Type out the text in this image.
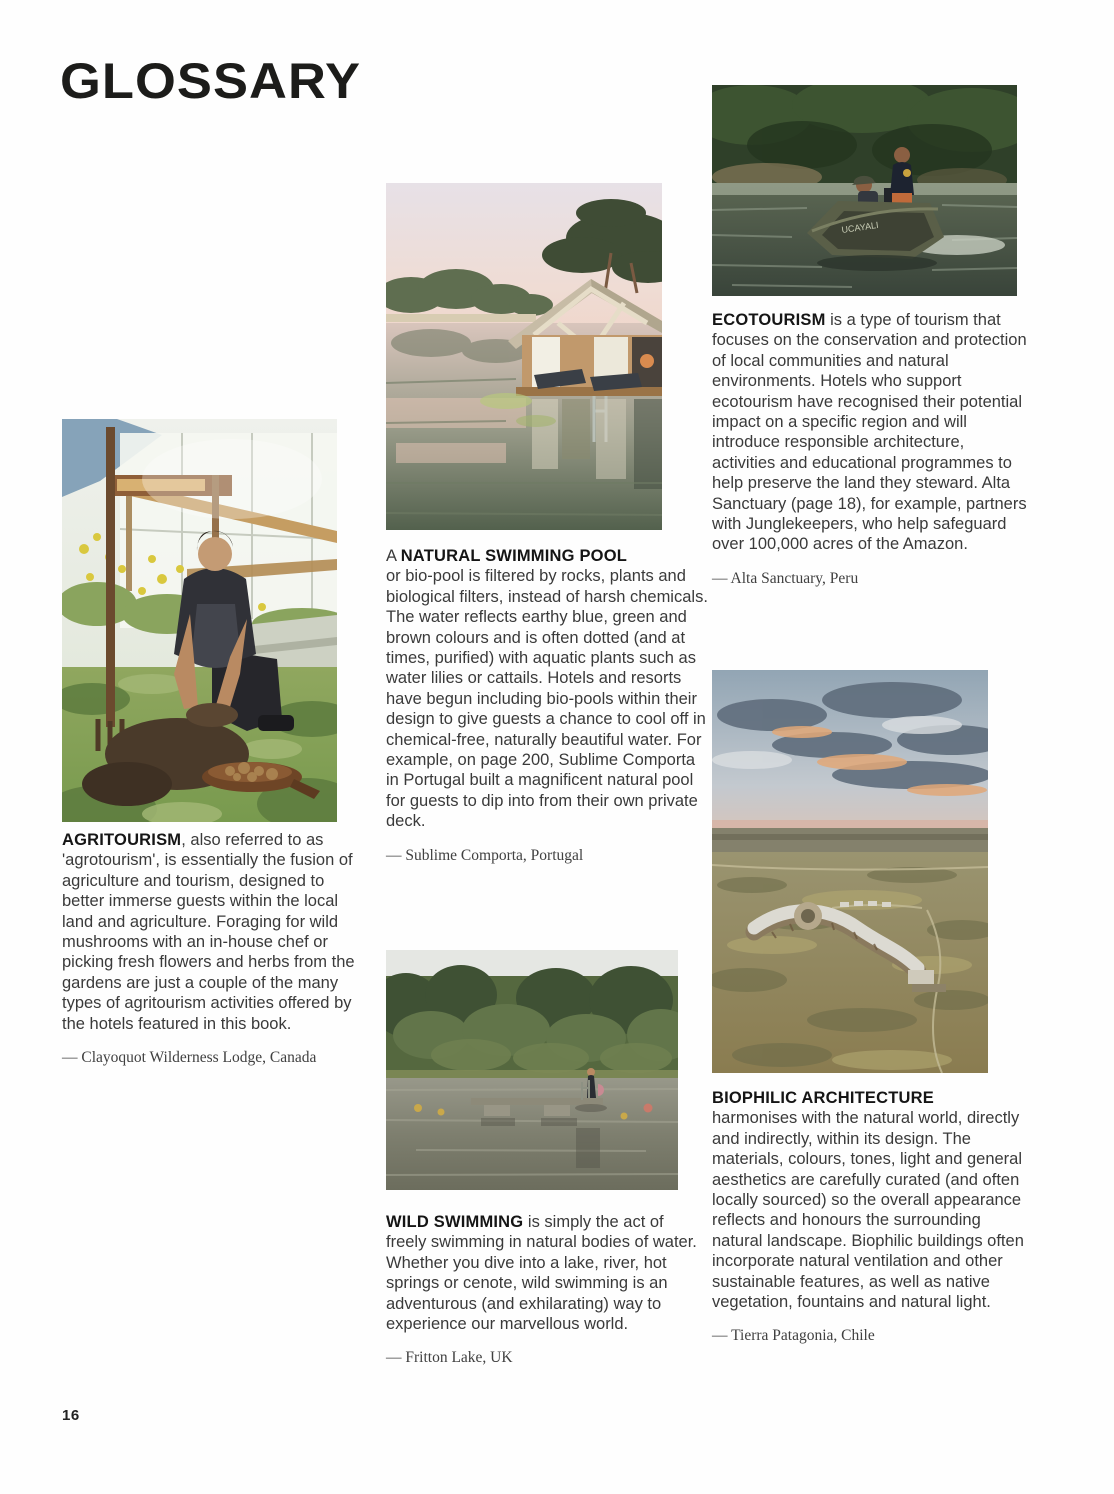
GLOSSARY

AGRITOURISM, also referred to as 'agrotourism', is essentially the fusion of agriculture and tourism, designed to better immerse guests within the local land and agriculture. Foraging for wild mushrooms with an in-house chef or picking fresh flowers and herbs from the gardens are just a couple of the many types of agritourism activities offered by the hotels featured in this book.

— Clayoquot Wilderness Lodge, Canada

A NATURAL SWIMMING POOL
or bio-pool is filtered by rocks, plants and biological filters, instead of harsh chemicals. The water reflects earthy blue, green and brown colours and is often dotted (and at times, purified) with aquatic plants such as water lilies or cattails. Hotels and resorts have begun including bio-pools within their design to give guests a chance to cool off in chemical-free, naturally beautiful water. For example, on page 200, Sublime Comporta in Portugal built a magnificent natural pool for guests to dip into from their own private deck.

— Sublime Comporta, Portugal

UCAYALI

ECOTOURISM is a type of tourism that focuses on the conservation and protection of local communities and natural environments. Hotels who support ecotourism have recognised their potential impact on a specific region and will introduce responsible architecture, activities and educational programmes to help preserve the land they steward. Alta Sanctuary (page 18), for example, partners with Junglekeepers, who help safeguard over 100,000 acres of the Amazon.

— Alta Sanctuary, Peru

WILD SWIMMING is simply the act of freely swimming in natural bodies of water. Whether you dive into a lake, river, hot springs or cenote, wild swimming is an adventurous (and exhilarating) way to experience our marvellous world.

— Fritton Lake, UK

BIOPHILIC ARCHITECTURE
harmonises with the natural world, directly and indirectly, within its design. The materials, colours, tones, light and general aesthetics are carefully curated (and often locally sourced) so the overall appearance reflects and honours the surrounding natural landscape. Biophilic buildings often incorporate natural ventilation and other sustainable features, as well as native vegetation, fountains and natural light.

— Tierra Patagonia, Chile

16
